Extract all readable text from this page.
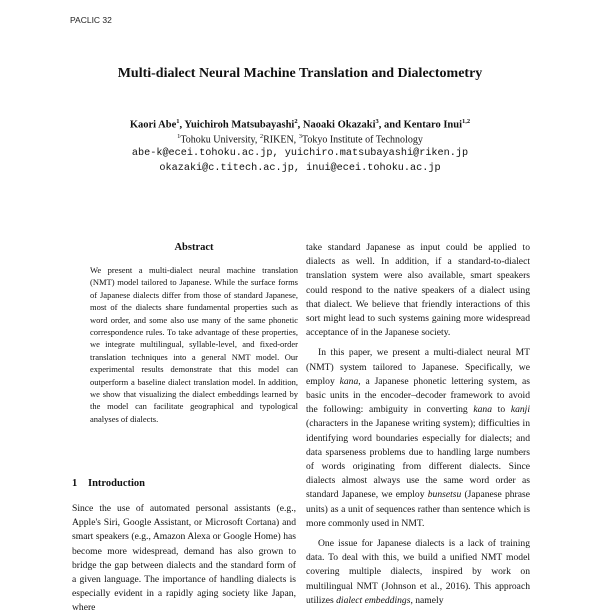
PACLIC 32
Multi-dialect Neural Machine Translation and Dialectometry
Kaori Abe$^1$, Yuichiroh Matsubayashi$^2$, Naoaki Okazaki$^3$, and Kentaro Inui$^{1,2}$
$^1$Tohoku University, $^2$RIKEN, $^3$Tokyo Institute of Technology
abe-k@ecei.tohoku.ac.jp, yuichiro.matsubayashi@riken.jp
okazaki@c.titech.ac.jp, inui@ecei.tohoku.ac.jp
Abstract
We present a multi-dialect neural machine translation (NMT) model tailored to Japanese. While the surface forms of Japanese dialects differ from those of standard Japanese, most of the dialects share fundamental properties such as word order, and some also use many of the same phonetic correspondence rules. To take advantage of these properties, we integrate multilingual, syllable-level, and fixed-order translation techniques into a general NMT model. Our experimental results demonstrate that this model can outperform a baseline dialect translation model. In addition, we show that visualizing the dialect embeddings learned by the model can facilitate geographical and typological analyses of dialects.
1 Introduction
Since the use of automated personal assistants (e.g., Apple's Siri, Google Assistant, or Microsoft Cortana) and smart speakers (e.g., Amazon Alexa or Google Home) has become more widespread, demand has also grown to bridge the gap between dialects and the standard form of a given language. The importance of handling dialects is especially evident in a rapidly aging society like Japan, where

take standard Japanese as input could be applied to dialects as well. In addition, if a standard-to-dialect translation system were also available, smart speakers could respond to the native speakers of a dialect using that dialect. We believe that friendly interactions of this sort might lead to such systems gaining more widespread acceptance of in the Japanese society.

In this paper, we present a multi-dialect neural MT (NMT) system tailored to Japanese. Specifically, we employ kana, a Japanese phonetic lettering system, as basic units in the encoder–decoder framework to avoid the following: ambiguity in converting kana to kanji (characters in the Japanese writing system); difficulties in identifying word boundaries especially for dialects; and data sparseness problems due to handling large numbers of words originating from different dialects. Since dialects almost always use the same word order as standard Japanese, we employ bunsetsu (Japanese phrase units) as a unit of sequences rather than sentence which is more commonly used in NMT.

One issue for Japanese dialects is a lack of training data. To deal with this, we build a unified NMT model covering multiple dialects, inspired by work on multilingual NMT (Johnson et al., 2016). This approach utilizes dialect embeddings, namely
